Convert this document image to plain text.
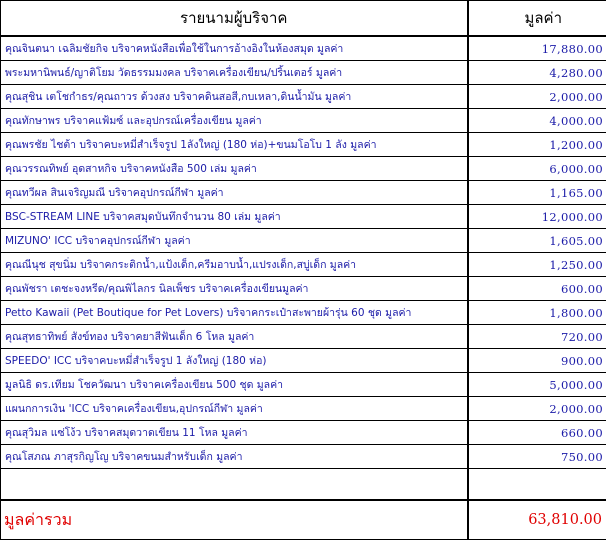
รายนามผู้บริจาค	มูลค่า
คุณจินตนา เฉลิมชัยกิจ บริจาคหนังสือเพื่อใช้ในการอ้างอิงในห้องสมุด มูลค่า	17,880.00
พระมหานิพนธ์/ญาติโยม วัดธรรมมงคล บริจาคเครื่องเขียน/ปริ้นเตอร์ มูลค่า	4,280.00
คุณสุชิน เตโชกำธร/คุณถาวร ด้วงสง บริจาคดินสอสี,กบเหลา,ดินน้ำมัน มูลค่า	2,000.00
คุณทักษาพร บริจาคแฟ้มซ์ และอุปกรณ์เครื่องเขียน มูลค่า	4,000.00
คุณพรชัย ไชต้า บริจาคบะหมี่สำเร็จรูป 1ลังใหญ่ (180 ห่อ)+ขนมโอโบ 1 ลัง มูลค่า	1,200.00
คุณวรรณทิพย์ อุดสาหกิจ บริจาคหนังสือ 500 เล่ม มูลค่า	6,000.00
คุณทวีผล สินเจริญมณี บริจาคอุปกรณ์กีฬา มูลค่า	1,165.00
BSC-STREAM LINE บริจาคสมุดบันทึกจำนวน 80 เล่ม มูลค่า	12,000.00
MIZUNO' ICC บริจาคอุปกรณ์กีฬา มูลค่า	1,605.00
คุณณีนุช สุขนิ่ม บริจาคกระติกน้ำ,แป้งเด็ก,ครีมอาบน้ำ,แปรงเด็ก,สบู่เด็ก มูลค่า	1,250.00
คุณพัชรา เตชะจงหรีด/คุณพิไลกร นิลเพ็ชร บริจาคเครื่องเขียนมูลค่า	600.00
Petto Kawaii (Pet Boutique for Pet Lovers) บริจาคกระเป๋าสะพายผ้ารุ่น 60 ชุด มูลค่า	1,800.00
คุณสุทธาทิพย์ สังข์ทอง บริจาคยาสีฟันเด็ก 6 โหล มูลค่า	720.00
SPEEDO' ICC บริจาคบะหมี่สำเร็จรูป 1 ลังใหญ่ (180 ห่อ)	900.00
มูลนิธิ ดร.เทียม โชควัฒนา บริจาคเครื่องเขียน 500 ชุด มูลค่า	5,000.00
แผนกการเงิน 'ICC บริจาคเครื่องเขียน,อุปกรณ์กีฬา มูลค่า	2,000.00
คุณสุวิมล แซ่โง้ว บริจาคสมุดวาดเขียน 11 โหล มูลค่า	660.00
คุณโสภณ ภาสุรกิญโญ บริจาคขนมสำหรับเด็ก มูลค่า	750.00

มูลค่ารวม	63,810.00
